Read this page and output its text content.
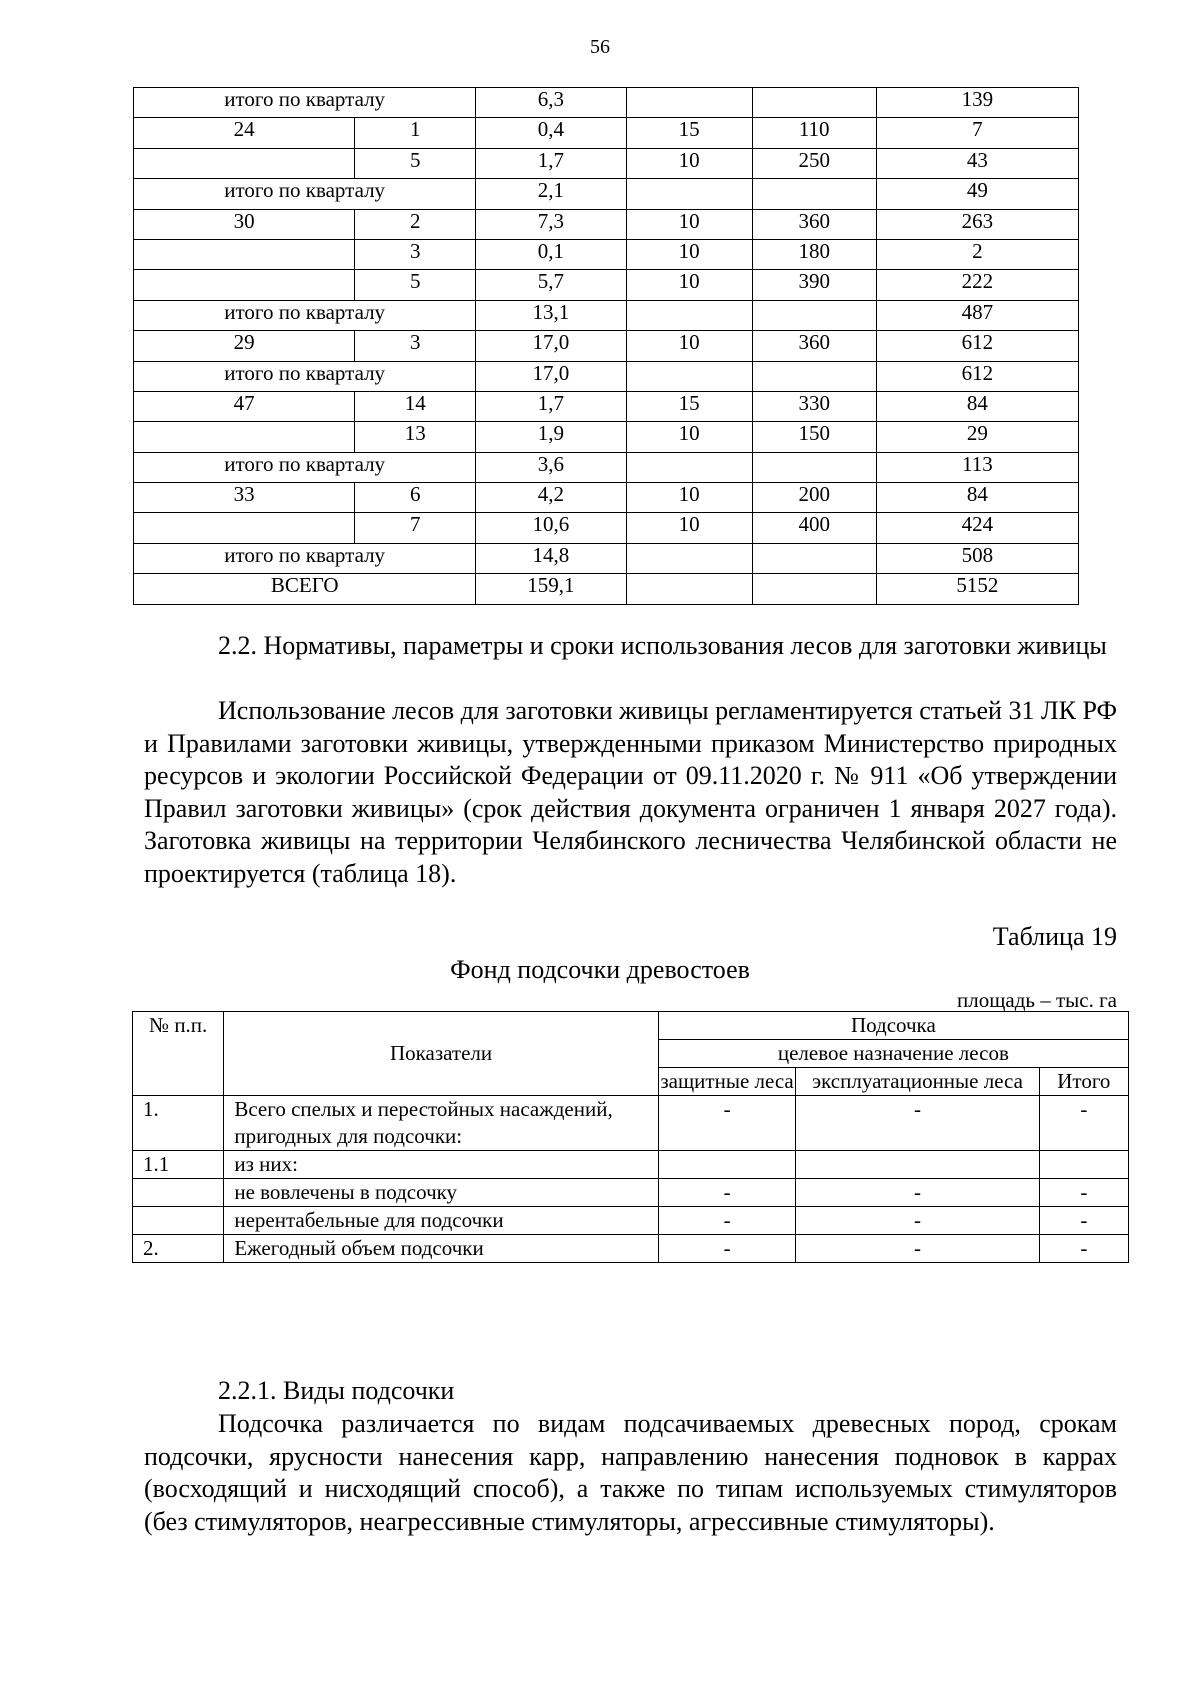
56
итого по кварталу		6,3			139
24	1	0,4	15	110	7
	5	1,7	10	250	43
итого по кварталу		2,1			49
30	2	7,3	10	360	263
	3	0,1	10	180	2
	5	5,7	10	390	222
итого по кварталу		13,1			487
29	3	17,0	10	360	612
итого по кварталу		17,0			612
47	14	1,7	15	330	84
	13	1,9	10	150	29
итого по кварталу		3,6			113
33	6	4,2	10	200	84
	7	10,6	10	400	424
итого по кварталу		14,8			508
ВСЕГО		159,1			5152

2.2. Нормативы, параметры и сроки использования лесов для заготовки живицы

Использование лесов для заготовки живицы регламентируется статьей 31 ЛК РФ и Правилами заготовки живицы, утвержденными приказом Министерство природных ресурсов и экологии Российской Федерации от 09.11.2020 г. № 911 «Об утверждении Правил заготовки живицы» (срок действия документа ограничен 1 января 2027 года). Заготовка живицы на территории Челябинского лесничества Челябинской области не проектируется (таблица 18).

Таблица 19
Фонд подсочки древостоев
площадь – тыс. га
№ п.п.	Показатели	Подсочка		
		целевое назначение лесов		
		защитные леса	эксплуатационные леса	Итого
1.	Всего спелых и перестойных насаждений, пригодных для подсочки:	-	-	-
1.1	из них:			
	не вовлечены в подсочку	-	-	-
	нерентабельные для подсочки	-	-	-
2.	Ежегодный объем подсочки	-	-	-

2.2.1. Виды подсочки

Подсочка различается по видам подсачиваемых древесных пород, срокам подсочки, ярусности нанесения карр, направлению нанесения подновок в каррах (восходящий и нисходящий способ), а также по типам используемых стимуляторов (без стимуляторов, неагрессивные стимуляторы, агрессивные стимуляторы).
